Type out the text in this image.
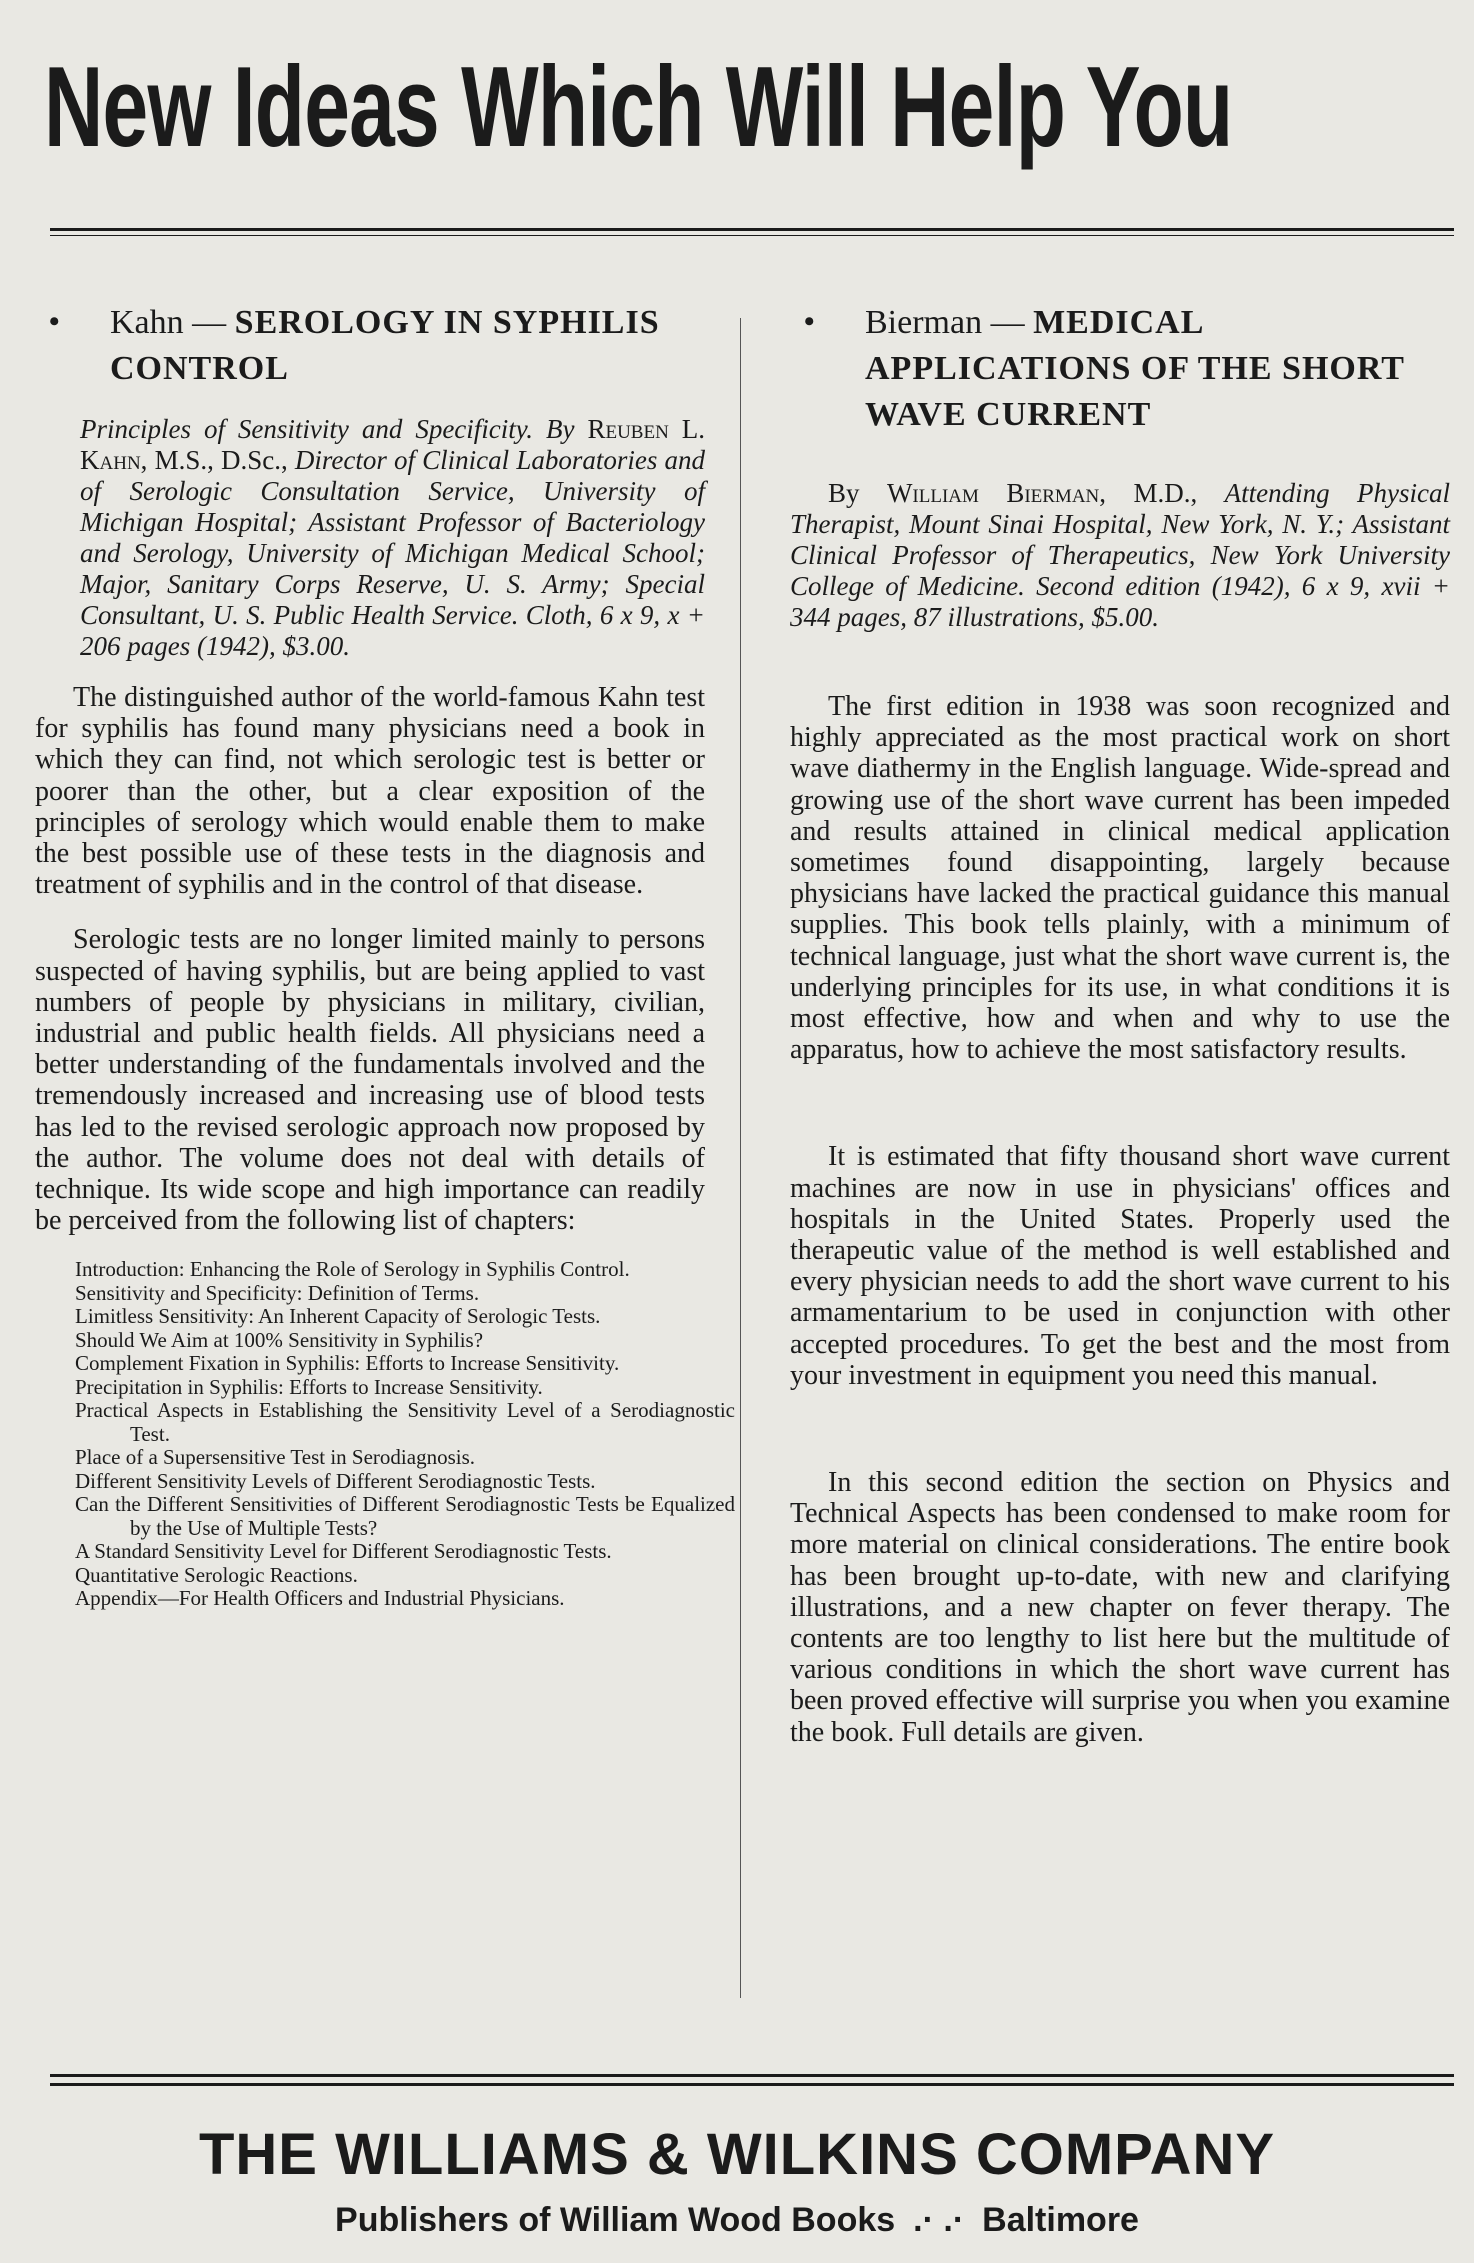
New Ideas Which Will Help You
• Kahn — SEROLOGY IN SYPHILIS CONTROL

Principles of Sensitivity and Specificity. By Reuben L. Kahn, M.S., D.Sc., Director of Clinical Laboratories and of Serologic Consultation Service, University of Michigan Hospital; Assistant Professor of Bacteriology and Serology, University of Michigan Medical School; Major, Sanitary Corps Reserve, U. S. Army; Special Consultant, U. S. Public Health Service. Cloth, 6 x 9, x + 206 pages (1942), $3.00.

The distinguished author of the world-famous Kahn test for syphilis has found many physicians need a book in which they can find, not which serologic test is better or poorer than the other, but a clear exposition of the principles of serology which would enable them to make the best possible use of these tests in the diagnosis and treatment of syphilis and in the control of that disease.

Serologic tests are no longer limited mainly to persons suspected of having syphilis, but are being applied to vast numbers of people by physicians in military, civilian, industrial and public health fields. All physicians need a better understanding of the fundamentals involved and the tremendously increased and increasing use of blood tests has led to the revised serologic approach now proposed by the author. The volume does not deal with details of technique. Its wide scope and high importance can readily be perceived from the following list of chapters:

Introduction: Enhancing the Role of Serology in Syphilis Control.
Sensitivity and Specificity: Definition of Terms.
Limitless Sensitivity: An Inherent Capacity of Serologic Tests.
Should We Aim at 100% Sensitivity in Syphilis?
Complement Fixation in Syphilis: Efforts to Increase Sensitivity.
Precipitation in Syphilis: Efforts to Increase Sensitivity.
Practical Aspects in Establishing the Sensitivity Level of a Serodiagnostic Test.
Place of a Supersensitive Test in Serodiagnosis.
Different Sensitivity Levels of Different Serodiagnostic Tests.
Can the Different Sensitivities of Different Serodiagnostic Tests be Equalized by the Use of Multiple Tests?
A Standard Sensitivity Level for Different Serodiagnostic Tests.
Quantitative Serologic Reactions.
Appendix—For Health Officers and Industrial Physicians.
• Bierman — MEDICAL APPLICATIONS OF THE SHORT WAVE CURRENT

By William Bierman, M.D., Attending Physical Therapist, Mount Sinai Hospital, New York, N. Y.; Assistant Clinical Professor of Therapeutics, New York University College of Medicine. Second edition (1942), 6 x 9, xvii + 344 pages, 87 illustrations, $5.00.

The first edition in 1938 was soon recognized and highly appreciated as the most practical work on short wave diathermy in the English language. Wide-spread and growing use of the short wave current has been impeded and results attained in clinical medical application sometimes found disappointing, largely because physicians have lacked the practical guidance this manual supplies. This book tells plainly, with a minimum of technical language, just what the short wave current is, the underlying principles for its use, in what conditions it is most effective, how and when and why to use the apparatus, how to achieve the most satisfactory results.

It is estimated that fifty thousand short wave current machines are now in use in physicians' offices and hospitals in the United States. Properly used the therapeutic value of the method is well established and every physician needs to add the short wave current to his armamentarium to be used in conjunction with other accepted procedures. To get the best and the most from your investment in equipment you need this manual.

In this second edition the section on Physics and Technical Aspects has been condensed to make room for more material on clinical considerations. The entire book has been brought up-to-date, with new and clarifying illustrations, and a new chapter on fever therapy. The contents are too lengthy to list here but the multitude of various conditions in which the short wave current has been proved effective will surprise you when you examine the book. Full details are given.

THE WILLIAMS & WILKINS COMPANY

Publishers of William Wood Books .· .· Baltimore
